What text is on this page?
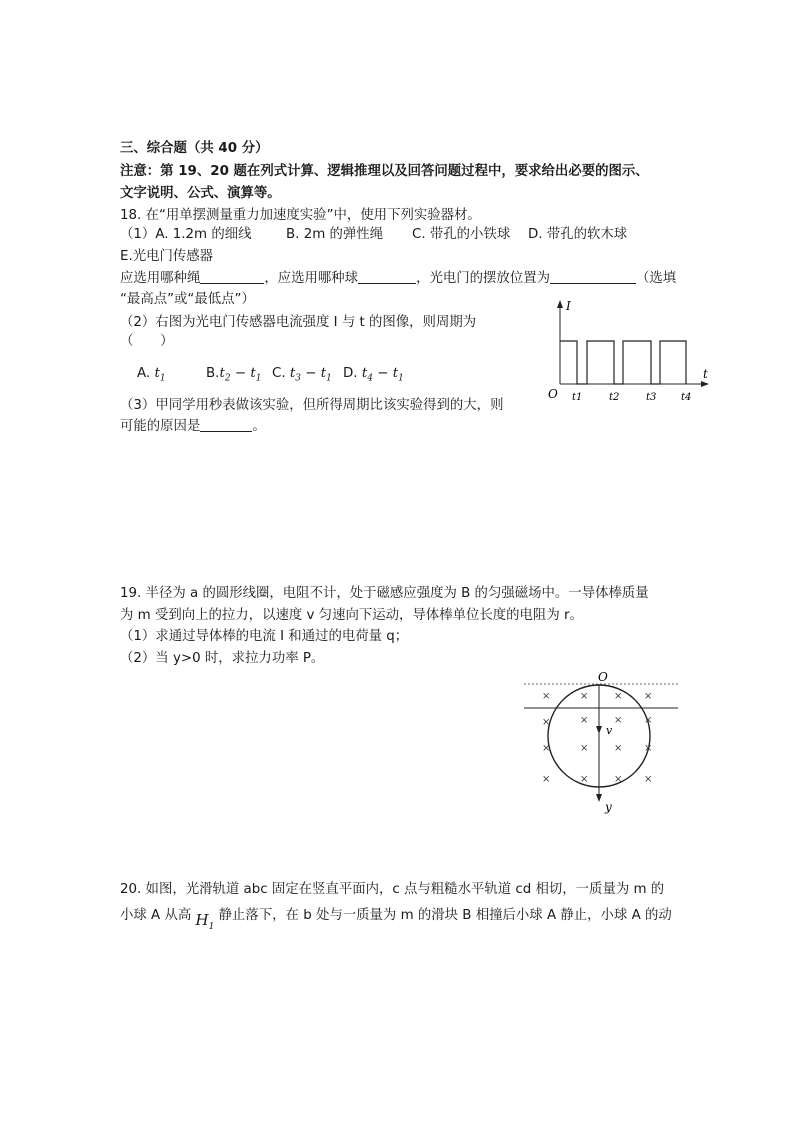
三、综合题（共 40 分）
注意：第 19、20 题在列式计算、逻辑推理以及回答问题过程中，要求给出必要的图示、
文字说明、公式、演算等。
18. 在“用单摆测量重力加速度实验”中，使用下列实验器材。
（1）A. 1.2m 的细线	B. 2m 的弹性绳 C. 带孔的小铁球 D. 带孔的软木球
E.光电门传感器
应选用哪种绳	，应选用哪种球	，光电门的摆放位置为	（选填
“最高点”或“最低点”）
（2）右图为光电门传感器电流强度 I 与 t 的图像，则周期为
（　　）
A. $t_1$	$B.t_2 - t_1$ C. $t_3 - t_1$ D. $t_4 - t_1$
（3）甲同学用秒表做该实验，但所得周期比该实验得到的大，则
可能的原因是	。
I
t
O t1	t2	t3 t4
19. 半径为 a 的圆形线圈，电阻不计，处于磁感应强度为 B 的匀强磁场中。一导体棒质量
为 m 受到向上的拉力，以速度 v 匀速向下运动，导体棒单位长度的电阻为 r。
（1）求通过导体棒的电流 I 和通过的电荷量 q；
（2）当 y>0 时，求拉力功率 P。
O
v
y
×	×	× ×
×	× ×
×
×	×	× ×
×	×	× ×
20. 如图，光滑轨道 abc 固定在竖直平面内，c 点与粗糙水平轨道 cd 相切，一质量为 m 的
小球 A 从高 $H_1$ 静止落下，在 b 处与一质量为 m 的滑块 B 相撞后小球 A 静止，小球 A 的动
